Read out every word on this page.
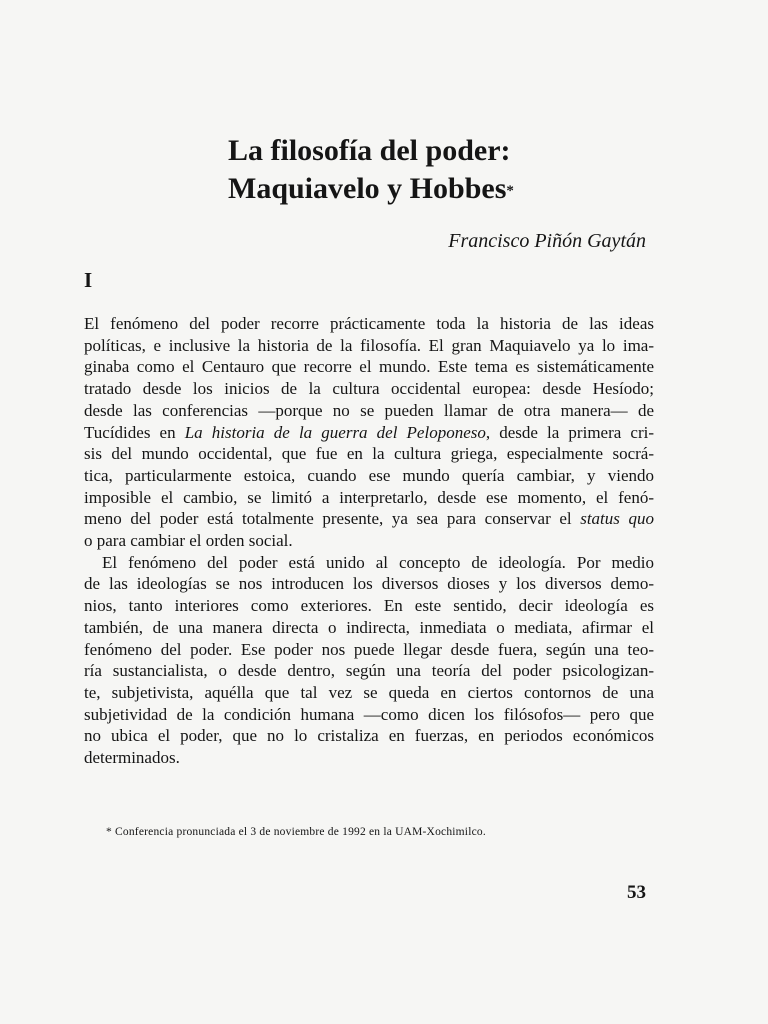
La filosofía del poder:
Maquiavelo y Hobbes*
Francisco Piñón Gaytán
I
El fenómeno del poder recorre prácticamente toda la historia de las ideas
políticas, e inclusive la historia de la filosofía. El gran Maquiavelo ya lo ima-
ginaba como el Centauro que recorre el mundo. Este tema es sistemáticamente
tratado desde los inicios de la cultura occidental europea: desde Hesíodo;
desde las conferencias —porque no se pueden llamar de otra manera— de
Tucídides en La historia de la guerra del Peloponeso, desde la primera cri-
sis del mundo occidental, que fue en la cultura griega, especialmente socrá-
tica, particularmente estoica, cuando ese mundo quería cambiar, y viendo
imposible el cambio, se limitó a interpretarlo, desde ese momento, el fenó-
meno del poder está totalmente presente, ya sea para conservar el status quo
o para cambiar el orden social.
El fenómeno del poder está unido al concepto de ideología. Por medio
de las ideologías se nos introducen los diversos dioses y los diversos demo-
nios, tanto interiores como exteriores. En este sentido, decir ideología es
también, de una manera directa o indirecta, inmediata o mediata, afirmar el
fenómeno del poder. Ese poder nos puede llegar desde fuera, según una teo-
ría sustancialista, o desde dentro, según una teoría del poder psicologizan-
te, subjetivista, aquélla que tal vez se queda en ciertos contornos de una
subjetividad de la condición humana —como dicen los filósofos— pero que
no ubica el poder, que no lo cristaliza en fuerzas, en periodos económicos
determinados.
* Conferencia pronunciada el 3 de noviembre de 1992 en la UAM-Xochimilco.
53
